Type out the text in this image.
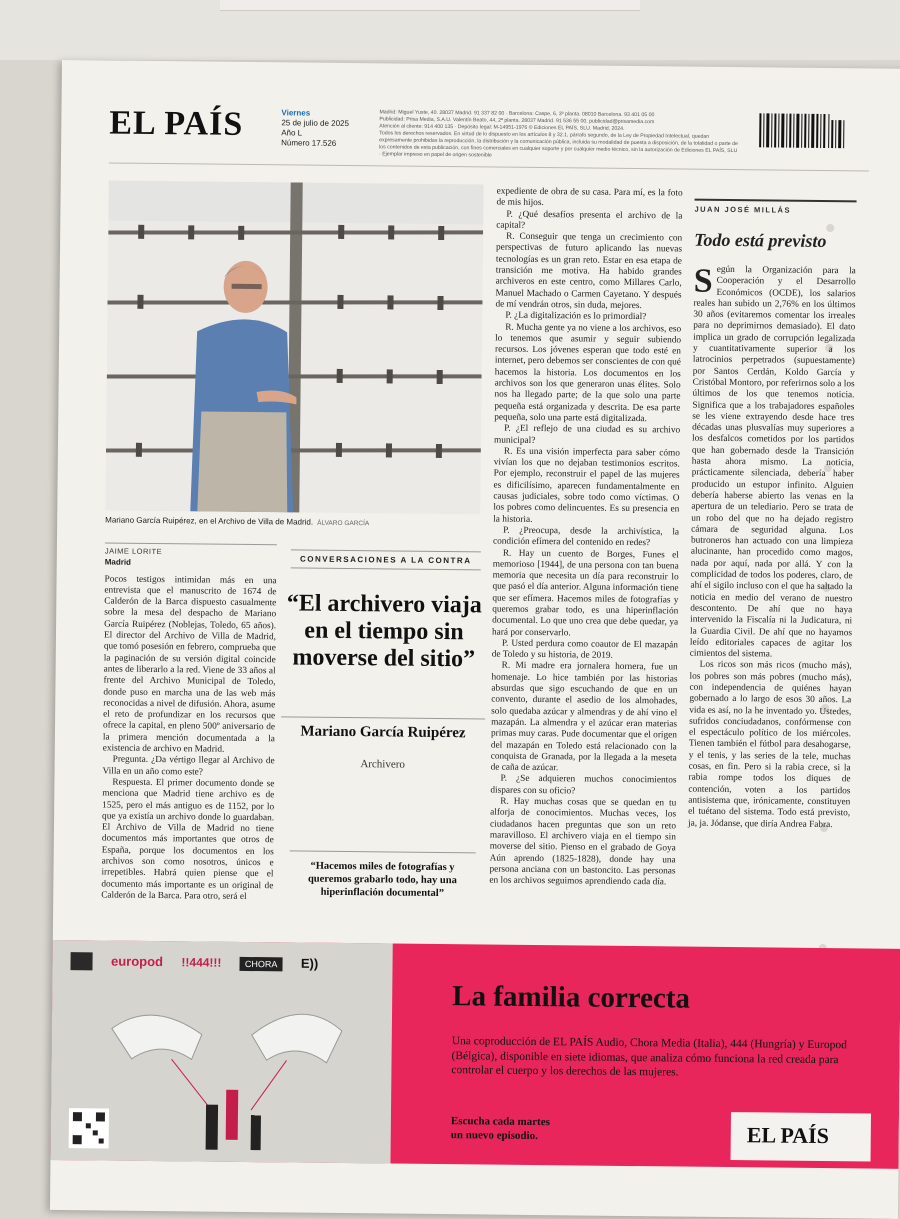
EL PAÍS	Viernes
25 de julio de 2025
Año L
Número 17.526
Madrid: Miguel Yuste, 40. 28037 Madrid. 91 337 82 00 · Barcelona: Caspe, 6, 3ª planta. 08010 Barcelona. 93 401 05 00
Publicidad: Prisa Media, S.A.U. Valentín Beato, 44, 2ª planta. 28037 Madrid. 91 536 55 00. publicidad@prisamedia.com
Atención al cliente: 914 400 135 · Depósito legal: M-14951-1976 © Ediciones EL PAÍS, SLU. Madrid, 2024.
Todos los derechos reservados. En virtud de lo dispuesto en los artículos 8 y 32.1, párrafo segundo, de la Ley de Propiedad Intelectual, quedan expresamente prohibidas la reproducción, la distribución y la comunicación pública, incluida su modalidad de puesta a disposición, de la totalidad o parte de los contenidos de esta publicación, con fines comerciales en cualquier soporte y por cualquier medio técnico, sin la autorización de Ediciones EL PAÍS, SLU · Ejemplar impreso en papel de origen sostenible
Mariano García Ruipérez, en el Archivo de Villa de Madrid. ÁLVARO GARCÍA
JAIME LORITE
Madrid

Pocos testigos intimidan más en una entrevista que el manuscrito de 1674 de Calderón de la Barca dispuesto casualmente sobre la mesa del despacho de Mariano García Ruipérez (Noblejas, Toledo, 65 años). El director del Archivo de Villa de Madrid, que tomó posesión en febrero, comprueba que la paginación de su versión digital coincide antes de liberarlo a la red. Viene de 33 años al frente del Archivo Municipal de Toledo, donde puso en marcha una de las web más reconocidas a nivel de difusión. Ahora, asume el reto de profundizar en los recursos que ofrece la capital, en pleno 500º aniversario de la primera mención documentada a la existencia de archivo en Madrid.

Pregunta. ¿Da vértigo llegar al Archivo de Villa en un año como este?

Respuesta. El primer documento donde se menciona que Madrid tiene archivo es de 1525, pero el más antiguo es de 1152, por lo que ya existía un archivo donde lo guardaban. El Archivo de Villa de Madrid no tiene documentos más importantes que otros de España, porque los documentos en los archivos son como nosotros, únicos e irrepetibles. Habrá quien piense que el documento más importante es un original de Calderón de la Barca. Para otro, será el

CONVERSACIONES A LA CONTRA
“El archivero viaja en el tiempo sin moverse del sitio”
Mariano García Ruipérez
Archivero
“Hacemos miles de fotografías y queremos grabarlo todo, hay una hiperinflación documental”

expediente de obra de su casa. Para mí, es la foto de mis hijos.

P. ¿Qué desafíos presenta el archivo de la capital?

R. Conseguir que tenga un crecimiento con perspectivas de futuro aplicando las nuevas tecnologías es un gran reto. Estar en esa etapa de transición me motiva. Ha habido grandes archiveros en este centro, como Millares Carlo, Manuel Machado o Carmen Cayetano. Y después de mí vendrán otros, sin duda, mejores.

P. ¿La digitalización es lo primordial?

R. Mucha gente ya no viene a los archivos, eso lo tenemos que asumir y seguir subiendo recursos. Los jóvenes esperan que todo esté en internet, pero debemos ser conscientes de con qué hacemos la historia. Los documentos en los archivos son los que generaron unas élites. Solo nos ha llegado parte; de la que solo una parte pequeña está organizada y descrita. De esa parte pequeña, solo una parte está digitalizada.

P. ¿El reflejo de una ciudad es su archivo municipal?

R. Es una visión imperfecta para saber cómo vivían los que no dejaban testimonios escritos. Por ejemplo, reconstruir el papel de las mujeres es dificilísimo, aparecen fundamentalmente en causas judiciales, sobre todo como víctimas. O los pobres como delincuentes. Es su presencia en la historia.

P. ¿Preocupa, desde la archivística, la condición efímera del contenido en redes?

R. Hay un cuento de Borges, Funes el memorioso [1944], de una persona con tan buena memoria que necesita un día para reconstruir lo que pasó el día anterior. Alguna información tiene que ser efímera. Hacemos miles de fotografías y queremos grabar todo, es una hiperinflación documental. Lo que uno crea que debe quedar, ya hará por conservarlo.

P. Usted perdura como coautor de El mazapán de Toledo y su historia, de 2019.

R. Mi madre era jornalera hornera, fue un homenaje. Lo hice también por las historias absurdas que sigo escuchando de que en un convento, durante el asedio de los almohades, solo quedaba azúcar y almendras y de ahí vino el mazapán. La almendra y el azúcar eran materias primas muy caras. Pude documentar que el origen del mazapán en Toledo está relacionado con la conquista de Granada, por la llegada a la meseta de caña de azúcar.

P. ¿Se adquieren muchos conocimientos dispares con su oficio?

R. Hay muchas cosas que se quedan en tu alforja de conocimientos. Muchas veces, los ciudadanos hacen preguntas que son un reto maravilloso. El archivero viaja en el tiempo sin moverse del sitio. Pienso en el grabado de Goya Aún aprendo (1825-1828), donde hay una persona anciana con un bastoncito. Las personas en los archivos seguimos aprendiendo cada día.

JUAN JOSÉ MILLÁS
Todo está previsto
S egún la Organización para la Cooperación y el Desarrollo Económicos (OCDE), los salarios reales han subido un 2,76% en los últimos 30 años (evitaremos comentar los irreales para no deprimirnos demasiado). El dato implica un grado de corrupción legalizada y cuantitativamente superior a los latrocinios perpetrados (supuestamente) por Santos Cerdán, Koldo García y Cristóbal Montoro, por referirnos solo a los últimos de los que tenemos noticia. Significa que a los trabajadores españoles se les viene extrayendo desde hace tres décadas unas plusvalías muy superiores a los desfalcos cometidos por los partidos que han gobernado desde la Transición hasta ahora mismo. La noticia, prácticamente silenciada, debería haber producido un estupor infinito. Alguien debería haberse abierto las venas en la apertura de un telediario. Pero se trata de un robo del que no ha dejado registro cámara de seguridad alguna. Los butroneros han actuado con una limpieza alucinante, han procedido como magos, nada por aquí, nada por allá. Y con la complicidad de todos los poderes, claro, de ahí el sigilo incluso con el que ha saltado la noticia en medio del verano de nuestro descontento. De ahí que no haya intervenido la Fiscalía ni la Judicatura, ni la Guardia Civil. De ahí que no hayamos leído editoriales capaces de agitar los cimientos del sistema.

Los ricos son más ricos (mucho más), los pobres son más pobres (mucho más), con independencia de quiénes hayan gobernado a lo largo de esos 30 años. La vida es así, no la he inventado yo. Ustedes, sufridos conciudadanos, confórmense con el espectáculo político de los miércoles. Tienen también el fútbol para desahogarse, y el tenis, y las series de la tele, muchas cosas, en fin. Pero si la rabia crece, si la rabia rompe todos los diques de contención, voten a los partidos antisistema que, irónicamente, constituyen el tuétano del sistema. Todo está previsto, ja, ja. Jódanse, que diría Andrea Fabra.

europod !!444!!!	CHORA E))
La familia correcta
Una coproducción de EL PAÍS Audio, Chora Media (Italia), 444 (Hungría) y Europod (Bélgica), disponible en siete idiomas, que analiza cómo funciona la red creada para controlar el cuerpo y los derechos de las mujeres.
Escucha cada martes
un nuevo episodio.	EL PAÍS
